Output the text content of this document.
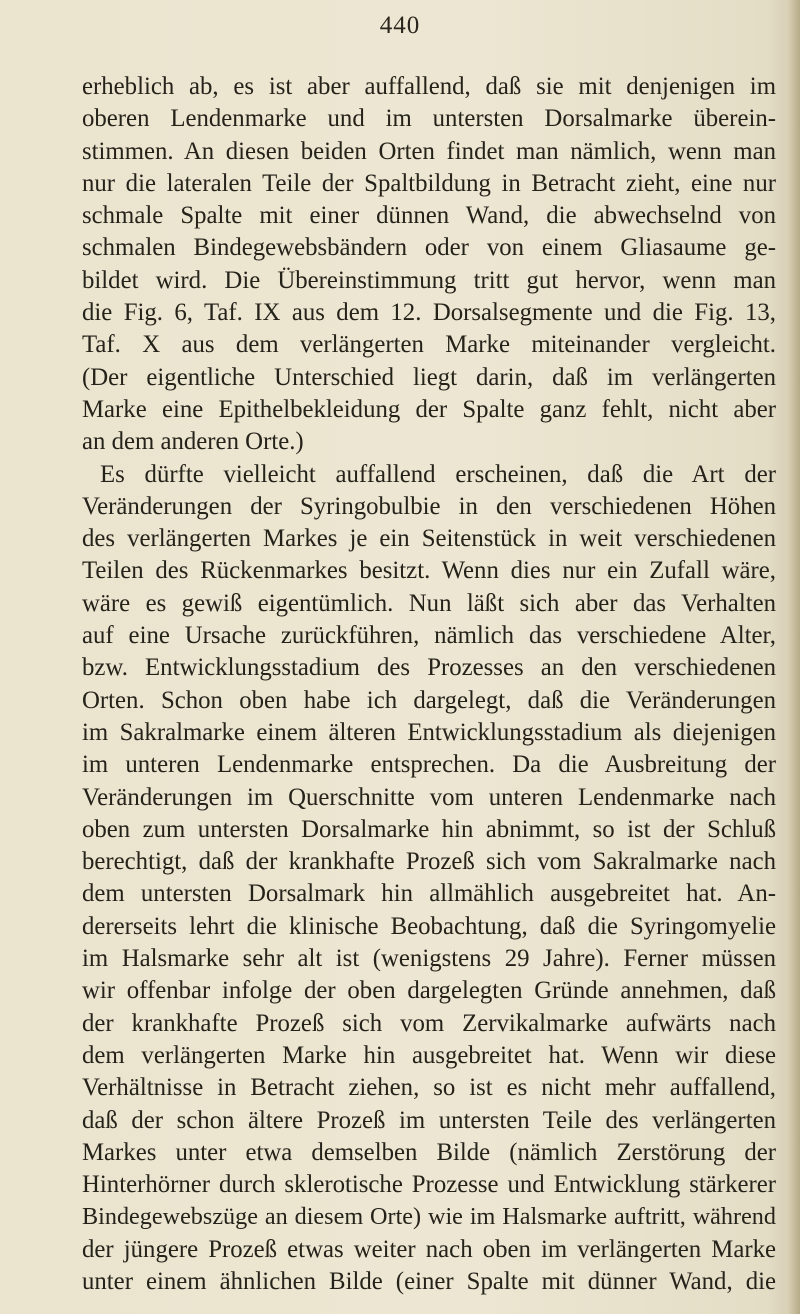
440
erheblich ab, es ist aber auffallend, daß sie mit denjenigen im
oberen Lendenmarke und im untersten Dorsalmarke überein-
stimmen. An diesen beiden Orten findet man nämlich, wenn man
nur die lateralen Teile der Spaltbildung in Betracht zieht, eine nur
schmale Spalte mit einer dünnen Wand, die abwechselnd von
schmalen Bindegewebsbändern oder von einem Gliasaume ge-
bildet wird. Die Übereinstimmung tritt gut hervor, wenn man
die Fig. 6, Taf. IX aus dem 12. Dorsalsegmente und die Fig. 13,
Taf. X aus dem verlängerten Marke miteinander vergleicht.
(Der eigentliche Unterschied liegt darin, daß im verlängerten
Marke eine Epithelbekleidung der Spalte ganz fehlt, nicht aber
an dem anderen Orte.)
Es dürfte vielleicht auffallend erscheinen, daß die Art der
Veränderungen der Syringobulbie in den verschiedenen Höhen
des verlängerten Markes je ein Seitenstück in weit verschiedenen
Teilen des Rückenmarkes besitzt. Wenn dies nur ein Zufall wäre,
wäre es gewiß eigentümlich. Nun läßt sich aber das Verhalten
auf eine Ursache zurückführen, nämlich das verschiedene Alter,
bzw. Entwicklungsstadium des Prozesses an den verschiedenen
Orten. Schon oben habe ich dargelegt, daß die Veränderungen
im Sakralmarke einem älteren Entwicklungsstadium als diejenigen
im unteren Lendenmarke entsprechen. Da die Ausbreitung der
Veränderungen im Querschnitte vom unteren Lendenmarke nach
oben zum untersten Dorsalmarke hin abnimmt, so ist der Schluß
berechtigt, daß der krankhafte Prozeß sich vom Sakralmarke nach
dem untersten Dorsalmark hin allmählich ausgebreitet hat. An-
dererseits lehrt die klinische Beobachtung, daß die Syringomyelie
im Halsmarke sehr alt ist (wenigstens 29 Jahre). Ferner müssen
wir offenbar infolge der oben dargelegten Gründe annehmen, daß
der krankhafte Prozeß sich vom Zervikalmarke aufwärts nach
dem verlängerten Marke hin ausgebreitet hat. Wenn wir diese
Verhältnisse in Betracht ziehen, so ist es nicht mehr auffallend,
daß der schon ältere Prozeß im untersten Teile des verlängerten
Markes unter etwa demselben Bilde (nämlich Zerstörung der
Hinterhörner durch sklerotische Prozesse und Entwicklung stärkerer
Bindegewebszüge an diesem Orte) wie im Halsmarke auftritt, während
der jüngere Prozeß etwas weiter nach oben im verlängerten Marke
unter einem ähnlichen Bilde (einer Spalte mit dünner Wand, die
